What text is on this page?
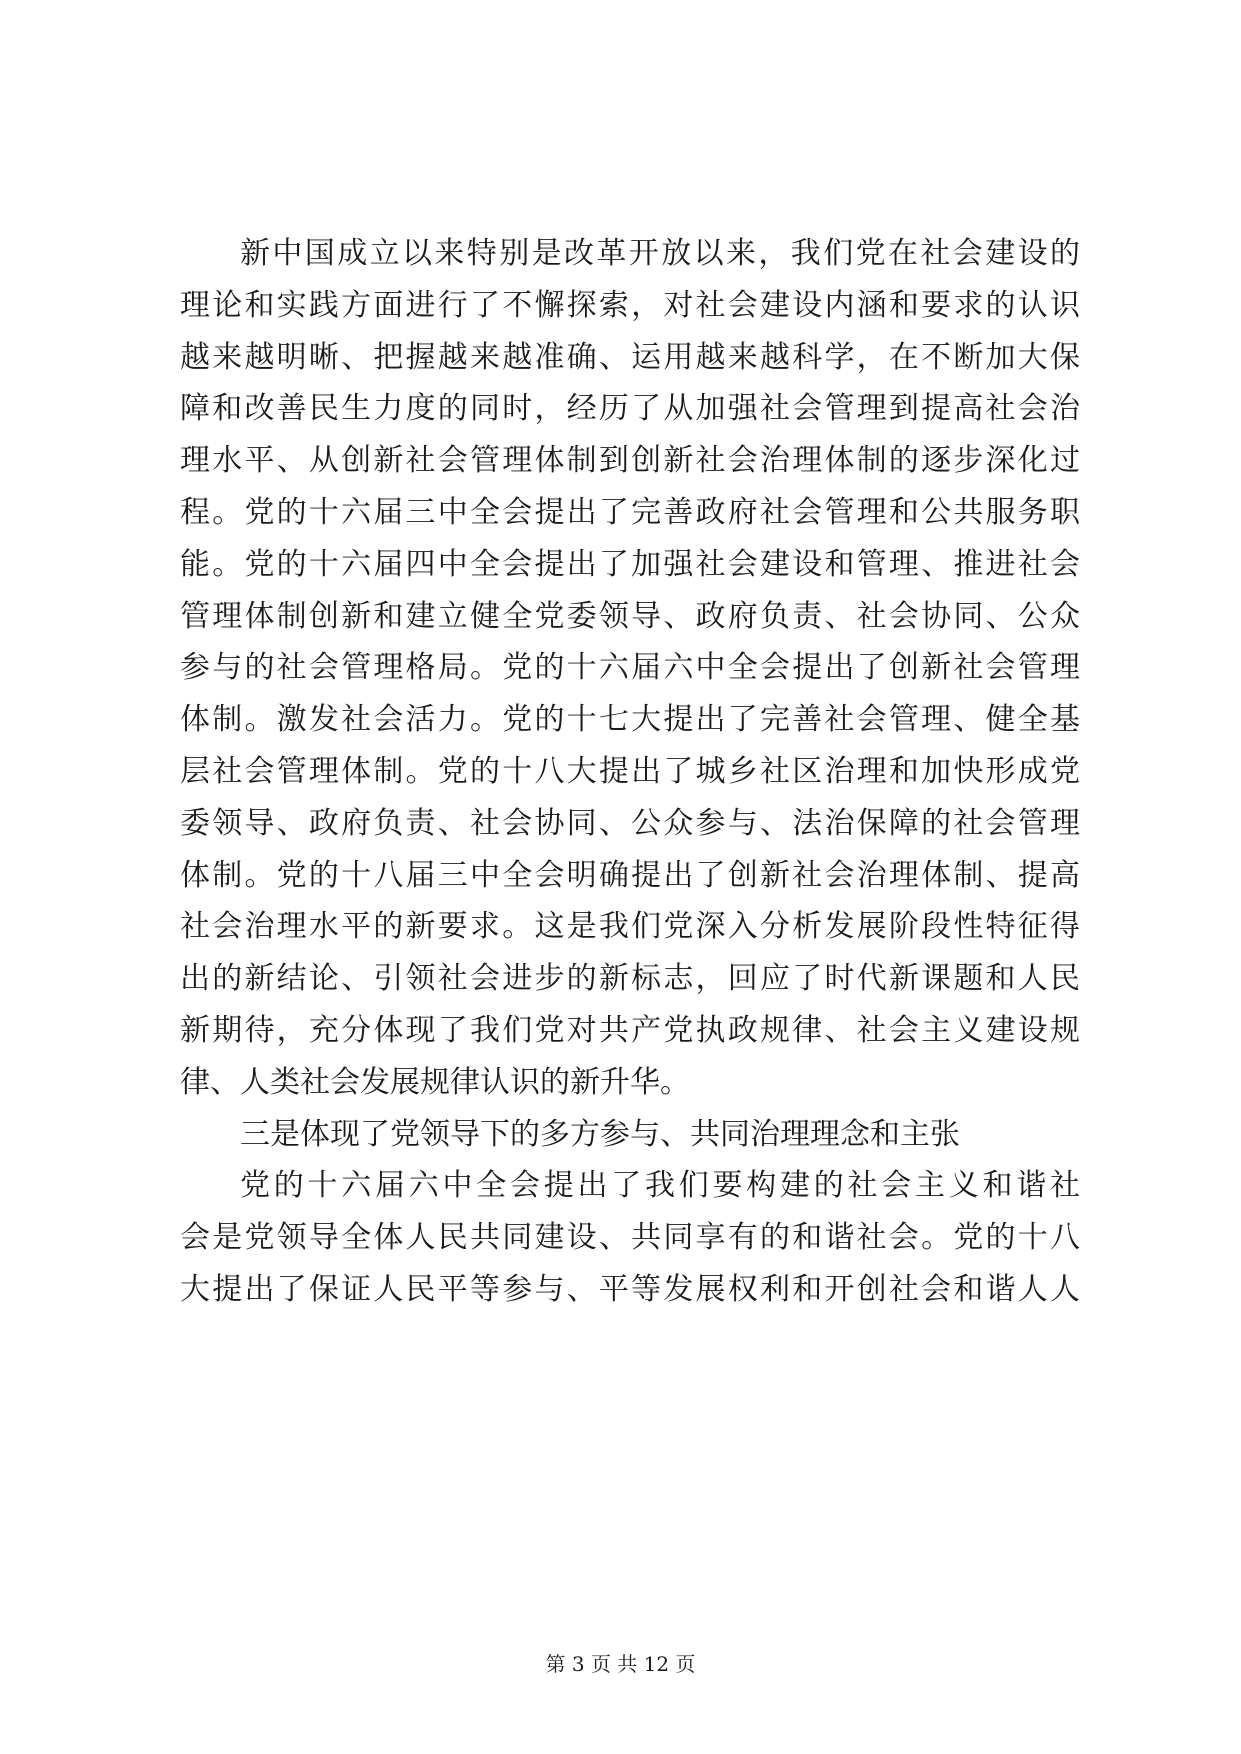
新中国成立以来特别是改革开放以来，我们党在社会建设的
理论和实践方面进行了不懈探索，对社会建设内涵和要求的认识
越来越明晰、把握越来越准确、运用越来越科学，在不断加大保
障和改善民生力度的同时，经历了从加强社会管理到提高社会治
理水平、从创新社会管理体制到创新社会治理体制的逐步深化过
程。党的十六届三中全会提出了完善政府社会管理和公共服务职
能。党的十六届四中全会提出了加强社会建设和管理、推进社会
管理体制创新和建立健全党委领导、政府负责、社会协同、公众
参与的社会管理格局。党的十六届六中全会提出了创新社会管理
体制。激发社会活力。党的十七大提出了完善社会管理、健全基
层社会管理体制。党的十八大提出了城乡社区治理和加快形成党
委领导、政府负责、社会协同、公众参与、法治保障的社会管理
体制。党的十八届三中全会明确提出了创新社会治理体制、提高
社会治理水平的新要求。这是我们党深入分析发展阶段性特征得
出的新结论、引领社会进步的新标志，回应了时代新课题和人民
新期待，充分体现了我们党对共产党执政规律、社会主义建设规
律、人类社会发展规律认识的新升华。
三是体现了党领导下的多方参与、共同治理理念和主张
党的十六届六中全会提出了我们要构建的社会主义和谐社
会是党领导全体人民共同建设、共同享有的和谐社会。党的十八
大提出了保证人民平等参与、平等发展权利和开创社会和谐人人
第 3 页 共 12 页
